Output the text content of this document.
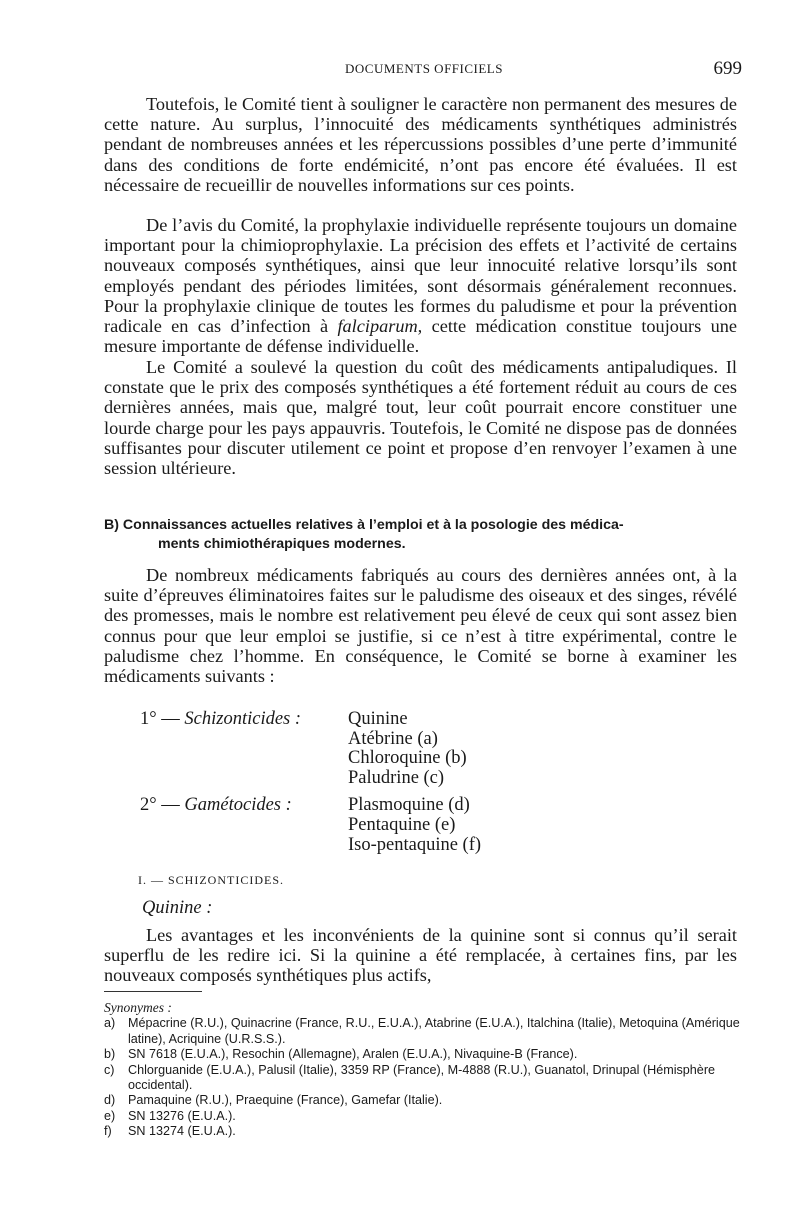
DOCUMENTS OFFICIELS	699

Toutefois, le Comité tient à souligner le caractère non permanent des mesures de cette nature. Au surplus, l’innocuité des médicaments synthétiques administrés pendant de nombreuses années et les répercussions possibles d’une perte d’immunité dans des conditions de forte endémicité, n’ont pas encore été évaluées. Il est nécessaire de recueillir de nouvelles informations sur ces points.

De l’avis du Comité, la prophylaxie individuelle représente toujours un domaine important pour la chimioprophylaxie. La précision des effets et l’activité de certains nouveaux composés synthétiques, ainsi que leur innocuité relative lorsqu’ils sont employés pendant des périodes limitées, sont désormais généralement reconnues. Pour la prophylaxie clinique de toutes les formes du paludisme et pour la prévention radicale en cas d’infection à falciparum, cette médication constitue toujours une mesure importante de défense individuelle.

Le Comité a soulevé la question du coût des médicaments antipaludiques. Il constate que le prix des composés synthétiques a été fortement réduit au cours de ces dernières années, mais que, malgré tout, leur coût pourrait encore constituer une lourde charge pour les pays appauvris. Toutefois, le Comité ne dispose pas de données suffisantes pour discuter utilement ce point et propose d’en renvoyer l’examen à une session ultérieure.

B) Connaissances actuelles relatives à l’emploi et à la posologie des médica-
ments chimiothérapiques modernes.

De nombreux médicaments fabriqués au cours des dernières années ont, à la suite d’épreuves éliminatoires faites sur le paludisme des oiseaux et des singes, révélé des promesses, mais le nombre est relativement peu élevé de ceux qui sont assez bien connus pour que leur emploi se justifie, si ce n’est à titre expérimental, contre le paludisme chez l’homme. En conséquence, le Comité se borne à examiner les médicaments suivants :

1° — Schizonticides :	Quinine
Atébrine (a)
Chloroquine (b)
Paludrine (c)
2° — Gamétocides :	Plasmoquine (d)
Pentaquine (e)
Iso-pentaquine (f)
I. — SCHIZONTICIDES.
Quinine :

Les avantages et les inconvénients de la quinine sont si connus qu’il serait superflu de les redire ici. Si la quinine a été remplacée, à certaines fins, par les nouveaux composés synthétiques plus actifs,

Synonymes :
a)	Mépacrine (R.U.), Quinacrine (France, R.U., E.U.A.), Atabrine (E.U.A.), Italchina (Italie), Metoquina (Amérique latine), Acriquine (U.R.S.S.).
b)	SN 7618 (E.U.A.), Resochin (Allemagne), Aralen (E.U.A.), Nivaquine-B (France).
c)	Chlorguanide (E.U.A.), Palusil (Italie), 3359 RP (France), M-4888 (R.U.), Guanatol, Drinupal (Hémisphère occidental).
d)	Pamaquine (R.U.), Praequine (France), Gamefar (Italie).
e)	SN 13276 (E.U.A.).
f)	SN 13274 (E.U.A.).
